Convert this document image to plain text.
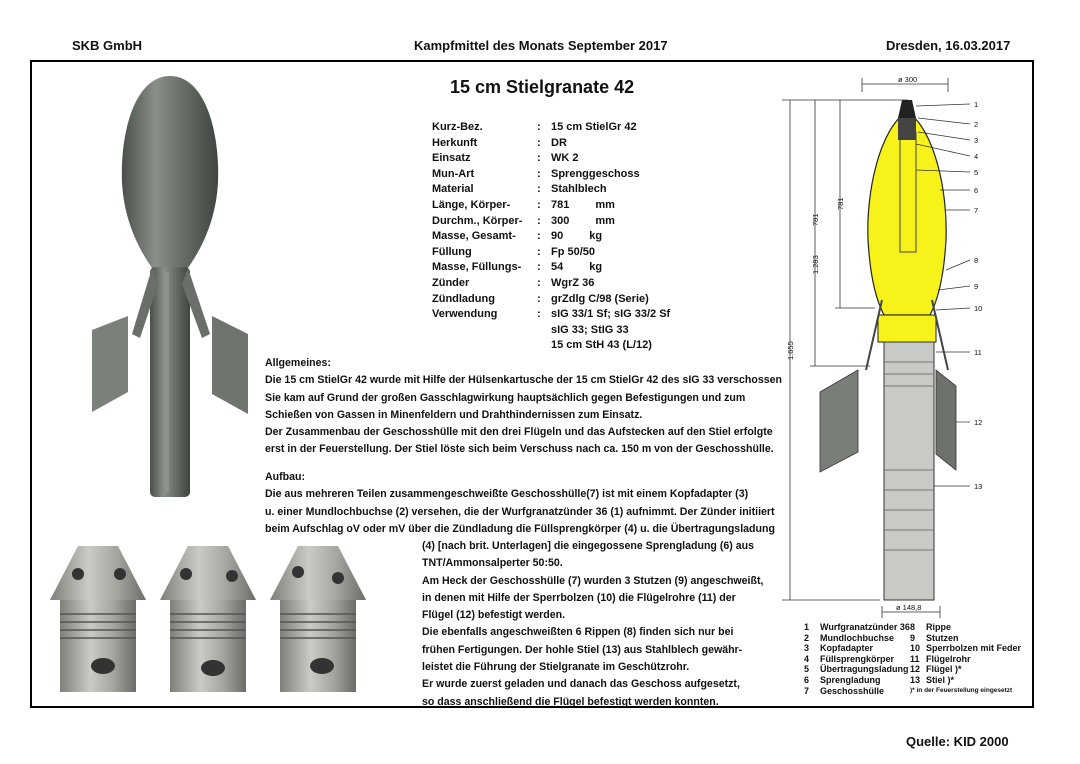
SKB GmbH	Kampfmittel des Monats September 2017	Dresden, 16.03.2017
15 cm Stielgranate 42
Kurz-Bez.	: 15 cm StielGr 42
Herkunft	: DR
Einsatz	: WK 2
Mun-Art	: Sprenggeschoss
Material	: Stahlblech
Länge, Körper-	: 781 mm
Durchm., Körper-	: 300 mm
Masse, Gesamt-	: 90 kg
Füllung	: Fp 50/50
Masse, Füllungs-	: 54 kg
Zünder	: WgrZ 36
Zündladung	: grZdlg C/98 (Serie)
Verwendung	: sIG 33/1 Sf; sIG 33/2 Sf
sIG 33; StIG 33
15 cm StH 43 (L/12)

Allgemeines:

Die 15 cm StielGr 42 wurde mit Hilfe der Hülsenkartusche der 15 cm StielGr 42 des sIG 33 verschossen

Sie kam auf Grund der großen Gasschlagwirkung hauptsächlich gegen Befestigungen und zum

Schießen von Gassen in Minenfeldern und Drahthindernissen zum Einsatz.

Der Zusammenbau der Geschosshülle mit den drei Flügeln und das Aufstecken auf den Stiel erfolgte

erst in der Feuerstellung. Der Stiel löste sich beim Verschuss nach ca. 150 m von der Geschosshülle.

Aufbau:

Die aus mehreren Teilen zusammengeschweißte Geschosshülle(7) ist mit einem Kopfadapter (3)

u. einer Mundlochbuchse (2) versehen, die der Wurfgranatzünder 36 (1) aufnimmt. Der Zünder initiiert

beim Aufschlag oV oder mV über die Zündladung die Füllsprengkörper (4) u. die Übertragungsladung

(4) [nach brit. Unterlagen] die eingegossene Sprengladung (6) aus

TNT/Ammonsalperter 50:50.

Am Heck der Geschosshülle (7) wurden 3 Stutzen (9) angeschweißt,

in denen mit Hilfe der Sperrbolzen (10) die Flügelrohre (11) der

Flügel (12) befestigt werden.

Die ebenfalls angeschweißten 6 Rippen (8) finden sich nur bei

frühen Fertigungen. Der hohle Stiel (13) aus Stahlblech gewähr-

leistet die Führung der Stielgranate im Geschützrohr.

Er wurde zuerst geladen und danach das Geschoss aufgesetzt,

so dass anschließend die Flügel befestigt werden konnten.

ø 300
ø 148,8
781
781
1.283
1.655
1
2
3
4
5
6
7
8
9
10
11
12
13
1	Wurfgranatzünder 36
2	Mundlochbuchse
3	Kopfadapter
4	Füllsprengkörper
5	Übertragungsladung
6	Sprengladung
7	Geschosshülle
8	Rippe
9	Stutzen
10 Sperrbolzen mit Feder
11 Flügelrohr
12 Flügel )*
13 Stiel )*
)* in der Feuerstellung eingesetzt
Quelle: KID 2000
